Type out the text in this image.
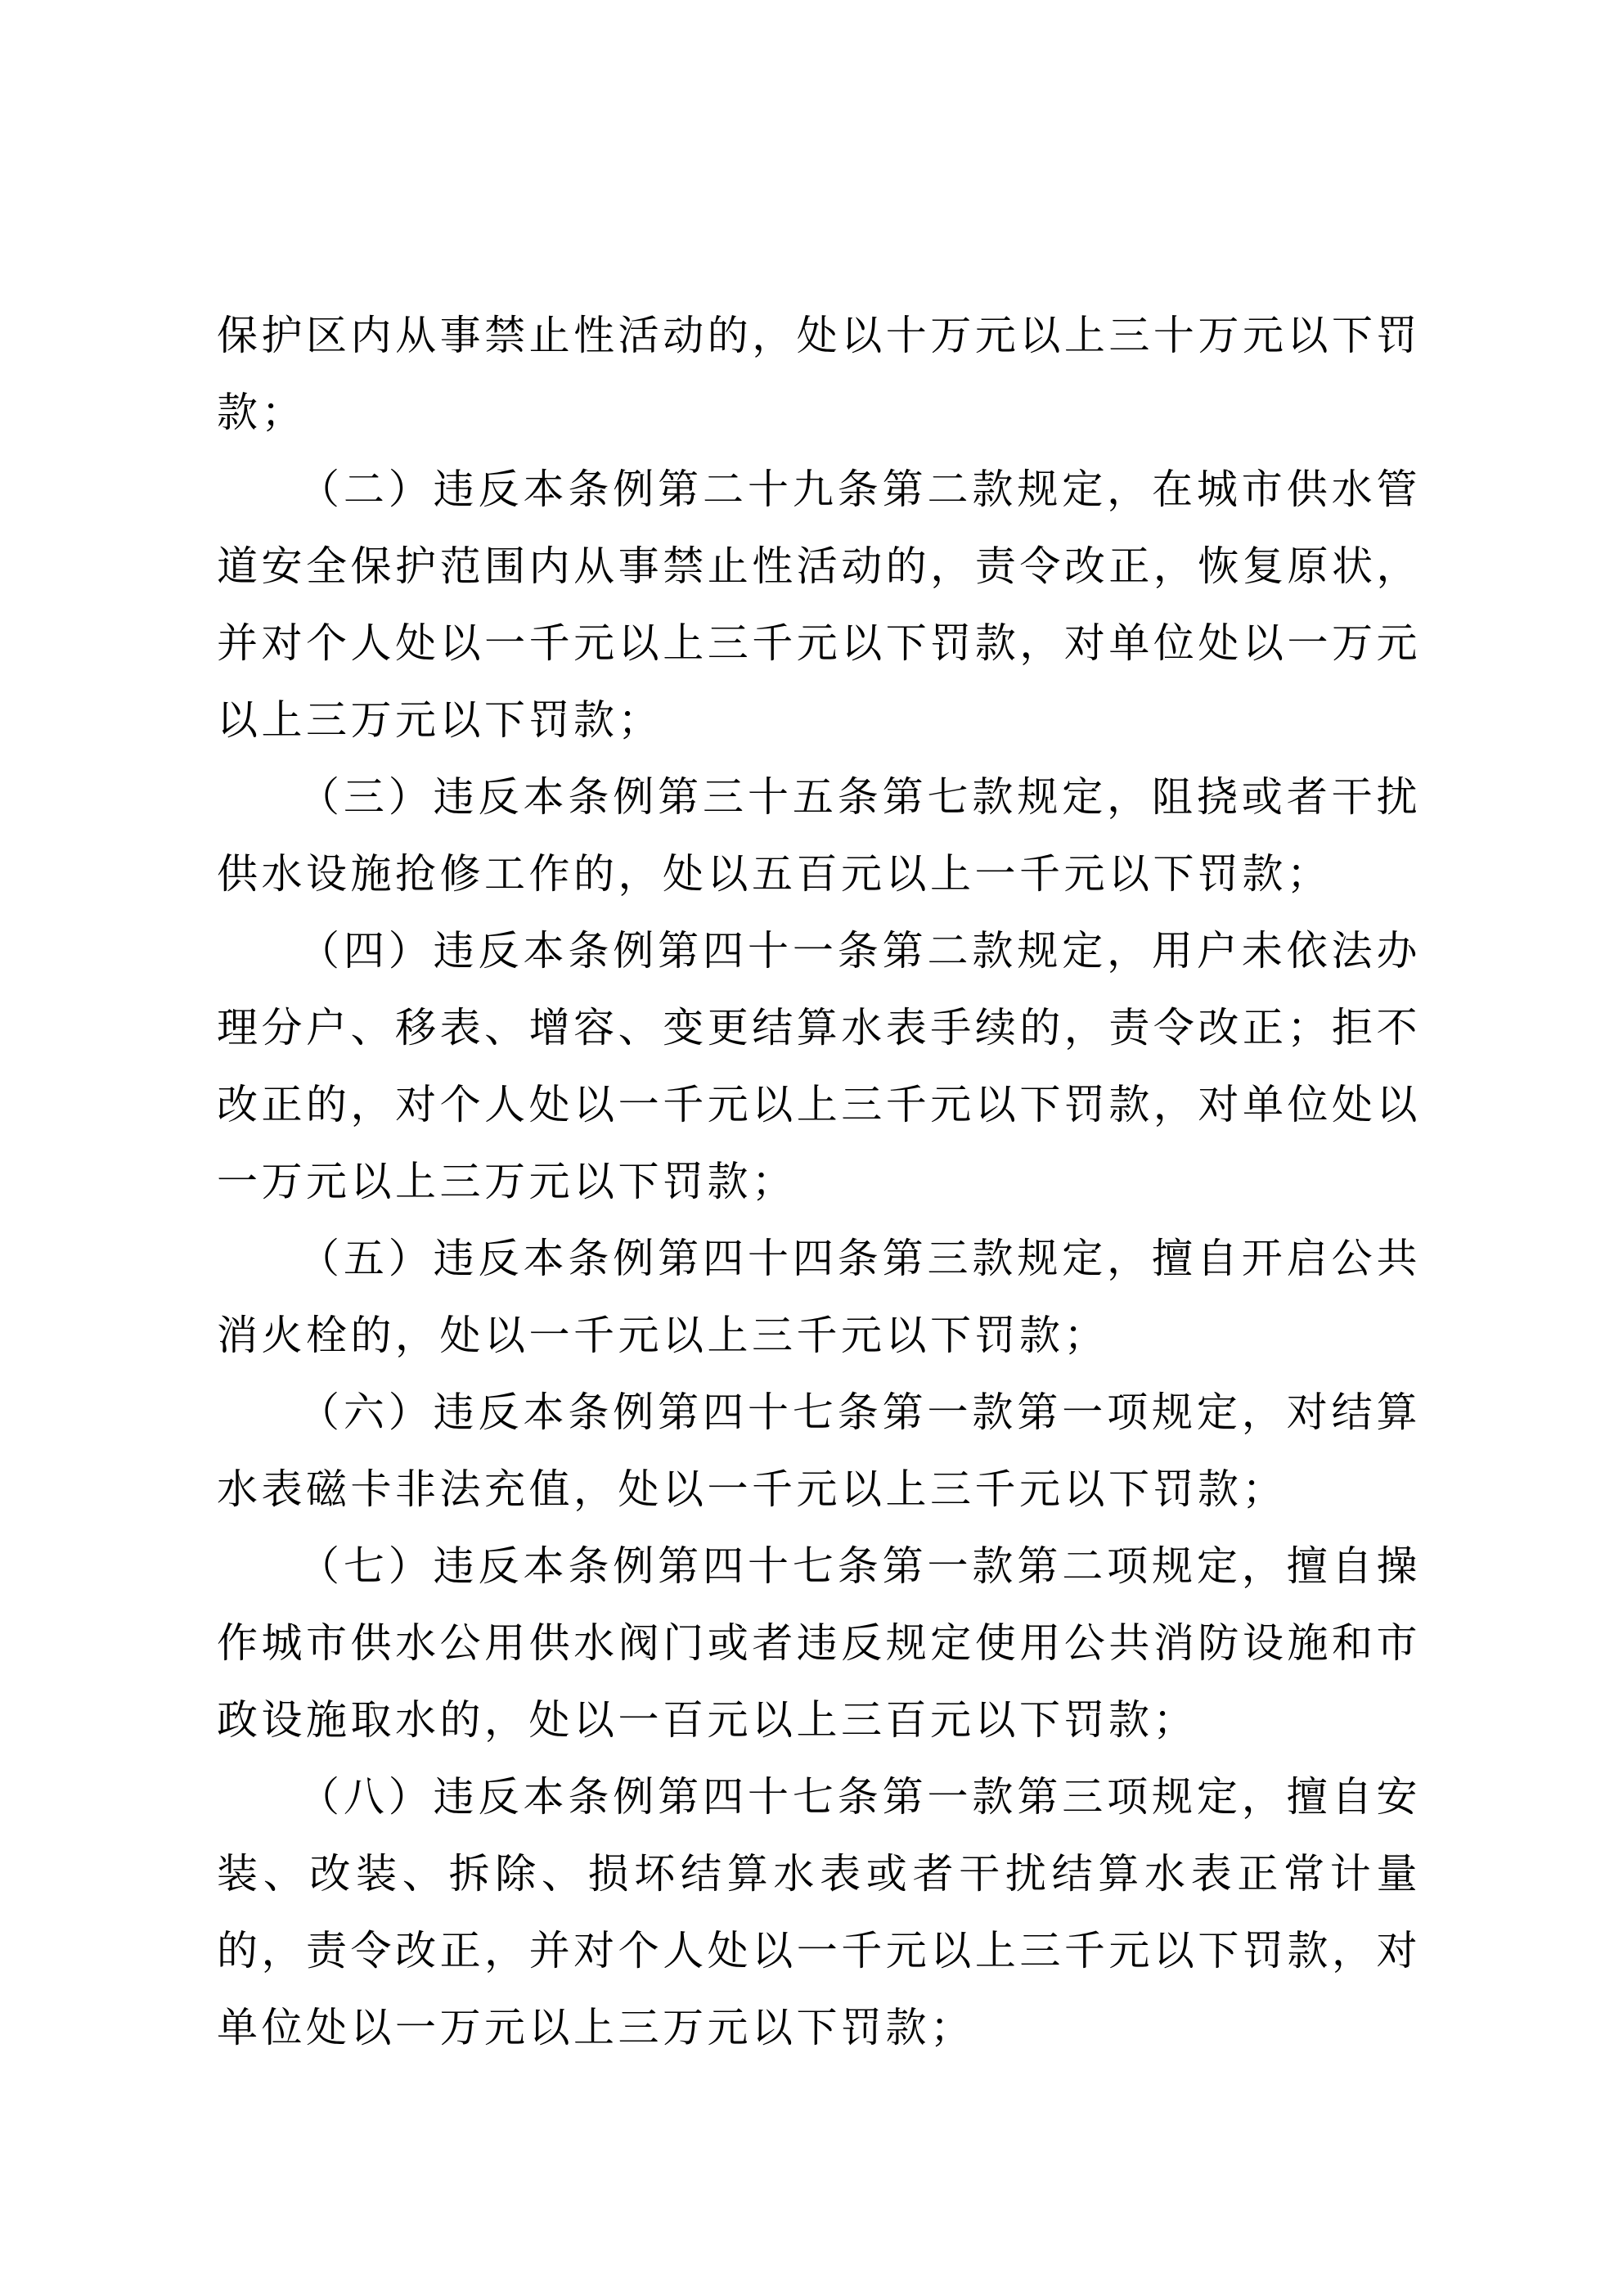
保护区内从事禁止性活动的，处以十万元以上三十万元以下罚款；

（二）违反本条例第二十九条第二款规定，在城市供水管道安全保护范围内从事禁止性活动的，责令改正，恢复原状，并对个人处以一千元以上三千元以下罚款，对单位处以一万元以上三万元以下罚款；

（三）违反本条例第三十五条第七款规定，阻挠或者干扰供水设施抢修工作的，处以五百元以上一千元以下罚款；

（四）违反本条例第四十一条第二款规定，用户未依法办理分户、移表、增容、变更结算水表手续的，责令改正；拒不改正的，对个人处以一千元以上三千元以下罚款，对单位处以一万元以上三万元以下罚款；

（五）违反本条例第四十四条第三款规定，擅自开启公共消火栓的，处以一千元以上三千元以下罚款；

（六）违反本条例第四十七条第一款第一项规定，对结算水表磁卡非法充值，处以一千元以上三千元以下罚款；

（七）违反本条例第四十七条第一款第二项规定，擅自操作城市供水公用供水阀门或者违反规定使用公共消防设施和市政设施取水的，处以一百元以上三百元以下罚款；

（八）违反本条例第四十七条第一款第三项规定，擅自安装、改装、拆除、损坏结算水表或者干扰结算水表正常计量的，责令改正，并对个人处以一千元以上三千元以下罚款，对单位处以一万元以上三万元以下罚款；
